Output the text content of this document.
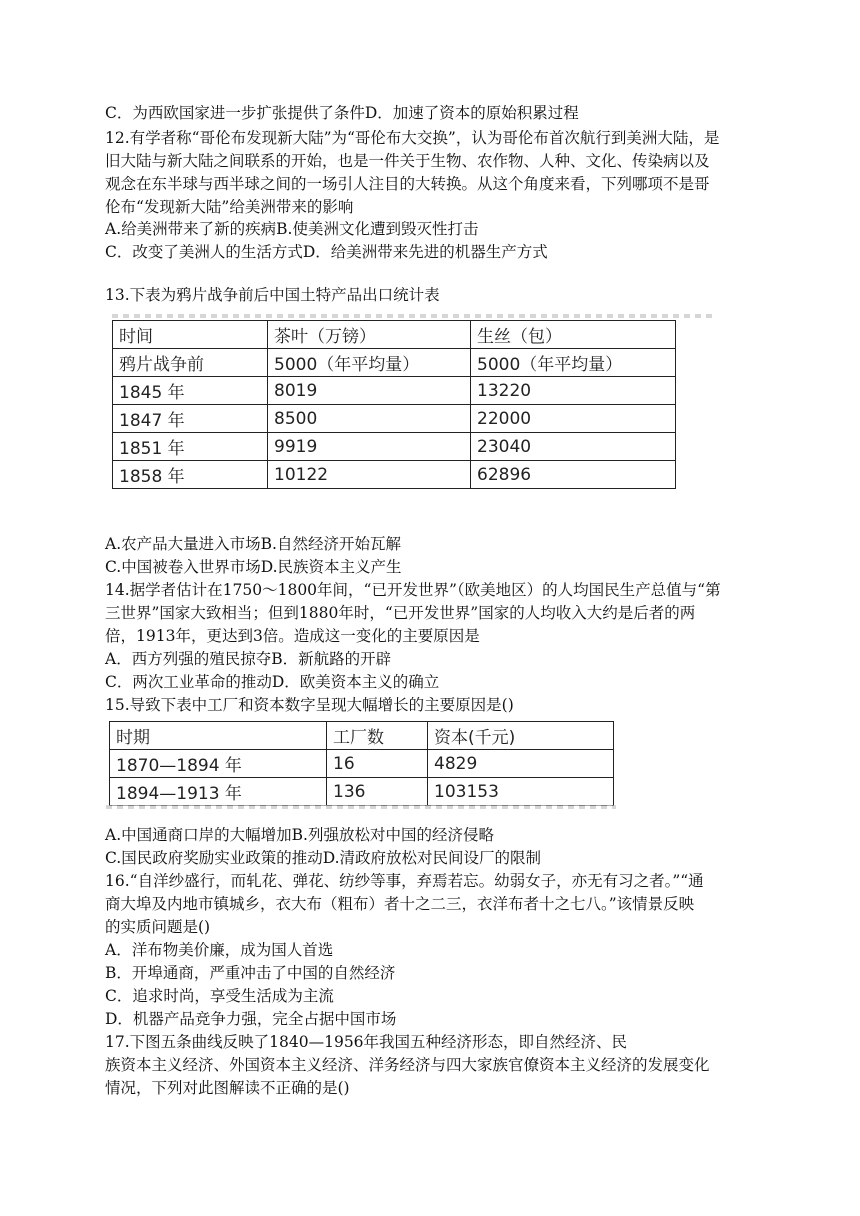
C．为西欧国家进一步扩张提供了条件D．加速了资本的原始积累过程
12.有学者称“哥伦布发现新大陆”为“哥伦布大交换”，认为哥伦布首次航行到美洲大陆，是
旧大陆与新大陆之间联系的开始，也是一件关于生物、农作物、人种、文化、传染病以及
观念在东半球与西半球之间的一场引人注目的大转换。从这个角度来看，下列哪项不是哥
伦布“发现新大陆”给美洲带来的影响
A.给美洲带来了新的疾病B.使美洲文化遭到毁灭性打击
C．改变了美洲人的生活方式D．给美洲带来先进的机器生产方式
13.下表为鸦片战争前后中国土特产品出口统计表
时间	茶叶（万镑）	生丝（包）
鸦片战争前	5000（年平均量）	5000（年平均量）
1845 年	8019	13220
1847 年	8500	22000
1851 年	9919	23040
1858 年	10122	62896
A.农产品大量进入市场B.自然经济开始瓦解
C.中国被卷入世界市场D.民族资本主义产生
14.据学者估计在1750～1800年间，“已开发世界”（欧美地区）的人均国民生产总值与“第
三世界”国家大致相当；但到1880年时，“已开发世界”国家的人均收入大约是后者的两
倍，1913年，更达到3倍。造成这一变化的主要原因是
A．西方列强的殖民掠夺B．新航路的开辟
C．两次工业革命的推动D．欧美资本主义的确立
15.导致下表中工厂和资本数字呈现大幅增长的主要原因是()
时期	工厂数	资本(千元)
1870—1894 年	16	4829
1894—1913 年	136	103153
A.中国通商口岸的大幅增加B.列强放松对中国的经济侵略
C.国民政府奖励实业政策的推动D.清政府放松对民间设厂的限制
16.“自洋纱盛行，而轧花、弹花、纺纱等事，弃焉若忘。幼弱女子，亦无有习之者。”“通
商大埠及内地市镇城乡，衣大布（粗布）者十之二三，衣洋布者十之七八。”该情景反映
的实质问题是()
A．洋布物美价廉，成为国人首选
B．开埠通商，严重冲击了中国的自然经济
C．追求时尚，享受生活成为主流
D．机器产品竞争力强，完全占据中国市场
17.下图五条曲线反映了1840—1956年我国五种经济形态，即自然经济、民
族资本主义经济、外国资本主义经济、洋务经济与四大家族官僚资本主义经济的发展变化
情况，下列对此图解读不正确的是()
